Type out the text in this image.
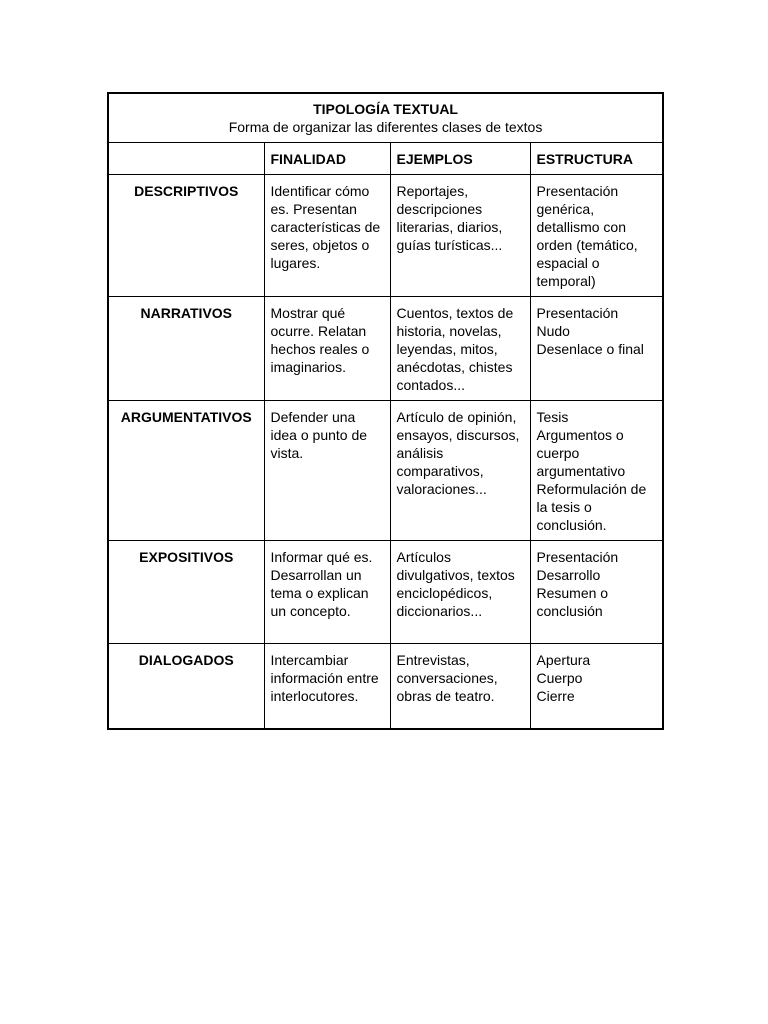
TIPOLOGÍA TEXTUAL
Forma de organizar las diferentes clases de textos			

	FINALIDAD	EJEMPLOS	ESTRUCTURA
DESCRIPTIVOS	Identificar cómo es. Presentan características de seres, objetos o lugares.	Reportajes, descripciones literarias, diarios, guías turísticas...	Presentación genérica, detallismo con orden (temático, espacial o temporal)

NARRATIVOS	Mostrar qué ocurre. Relatan hechos reales o imaginarios.	Cuentos, textos de historia, novelas, leyendas, mitos, anécdotas, chistes contados...	Presentación
Nudo
Desenlace o final

ARGUMENTATIVOS	Defender una idea o punto de vista.	Artículo de opinión, ensayos, discursos, análisis comparativos, valoraciones...	Tesis
Argumentos o cuerpo argumentativo
Reformulación de la tesis o conclusión.

EXPOSITIVOS	Informar qué es. Desarrollan un tema o explican un concepto.	Artículos divulgativos, textos enciclopédicos, diccionarios...	Presentación
Desarrollo
Resumen o conclusión

DIALOGADOS	Intercambiar información entre interlocutores.	Entrevistas, conversaciones, obras de teatro.	Apertura
Cuerpo
Cierre
